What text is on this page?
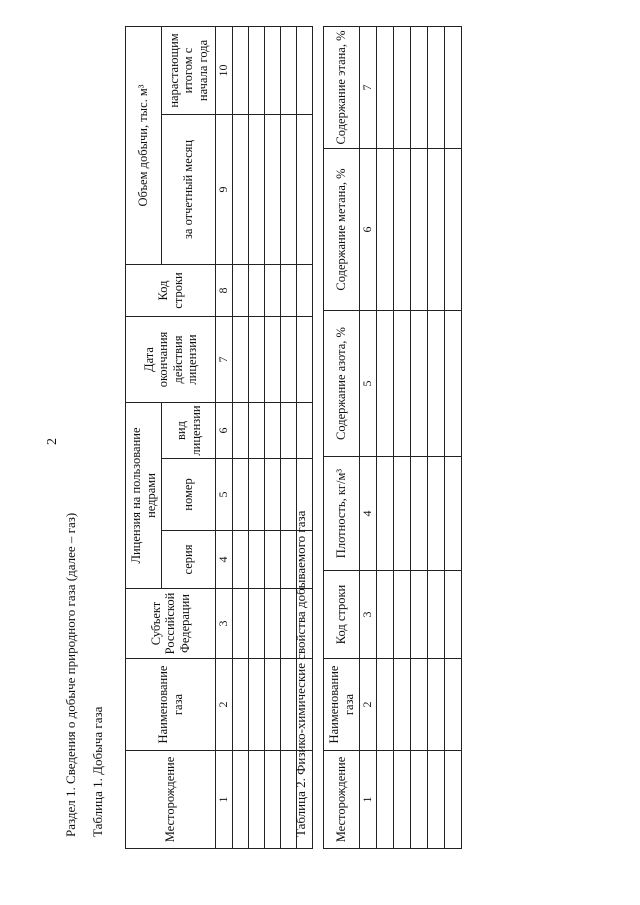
2
Раздел 1. Сведения о добыче природного газа (далее – газ) Таблица 1. Добыча газа	Месторождение	Наименование газа	Субъект Российской Федерации	Лицензия на пользование недрами			Дата окончания действия лицензии	Код строки	Объем добычи, тыс. м³	
			серия	номер	вид лицензии			за отчетный месяц	нарастающим итогом с начала года
1	2	3	4	5	6	7	8	9	10

Таблица 2. Физико-химические свойства добываемого газа Месторождение	Наименование газа	Код строки	Плотность, кг/м³	Содержание азота, %	Содержание метана, %	Содержание этана, %
1	2	3	4	5	6	7
